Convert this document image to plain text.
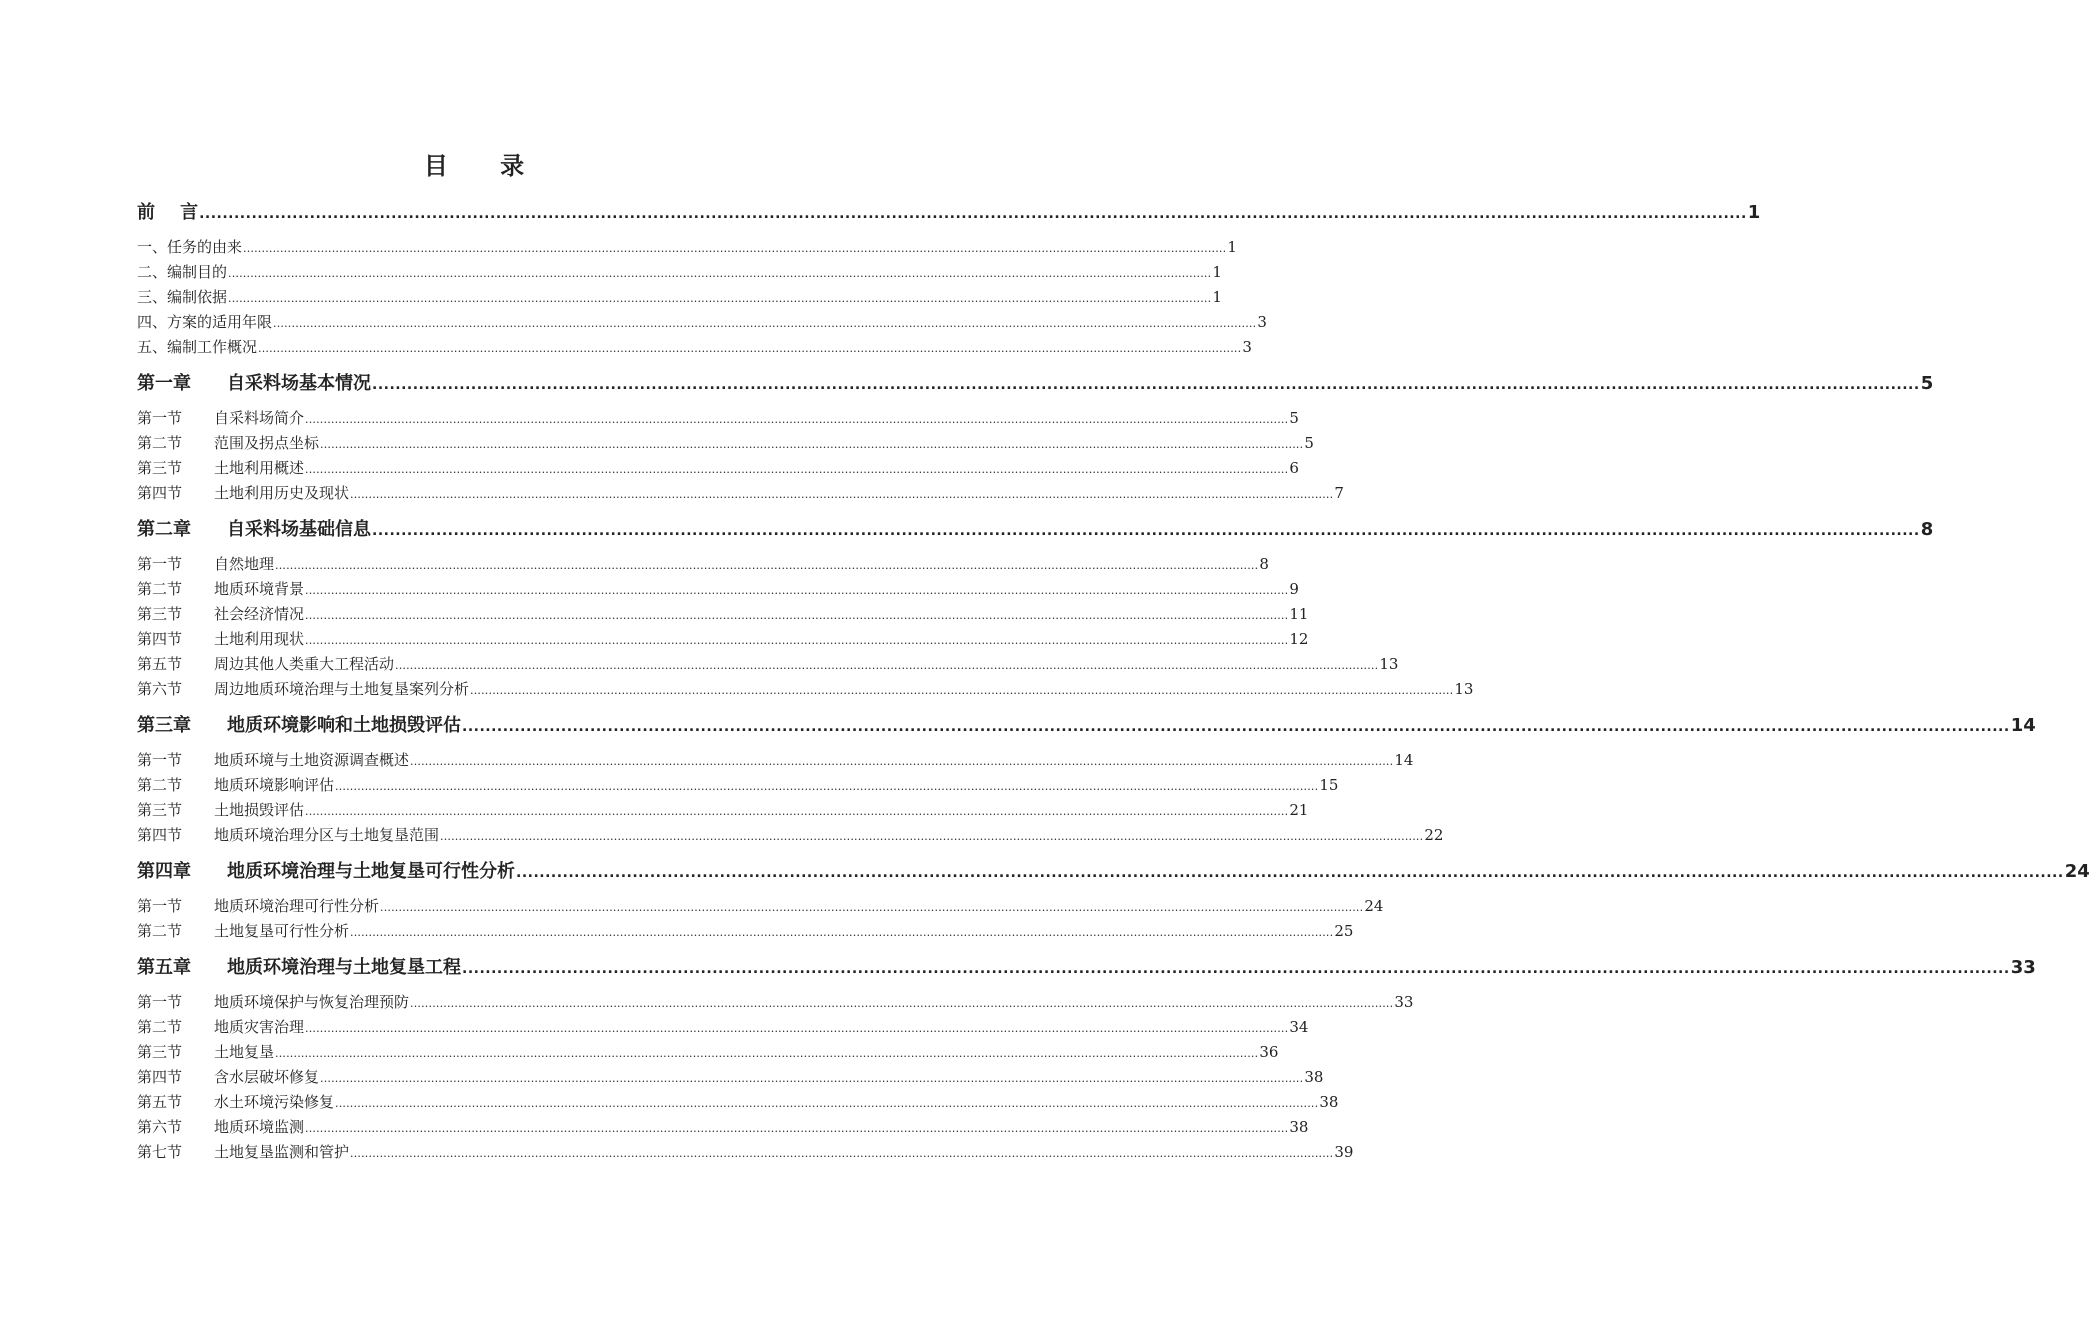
目 录
前    言 .......................................................................................................................................................................................................................................................................... 1
一、任务的由来 .......................................................................................................................................................................................................................................................................... 1
二、编制目的 .......................................................................................................................................................................................................................................................................... 1
三、编制依据 .......................................................................................................................................................................................................................................................................... 1
四、方案的适用年限 .......................................................................................................................................................................................................................................................................... 3
五、编制工作概况 .......................................................................................................................................................................................................................................................................... 3
第一章 自采料场基本情况 .......................................................................................................................................................................................................................................................................... 5
第一节 自采料场简介 .......................................................................................................................................................................................................................................................................... 5
第二节 范围及拐点坐标 .......................................................................................................................................................................................................................................................................... 5
第三节 土地利用概述 .......................................................................................................................................................................................................................................................................... 6
第四节 土地利用历史及现状 .......................................................................................................................................................................................................................................................................... 7
第二章 自采料场基础信息 .......................................................................................................................................................................................................................................................................... 8
第一节 自然地理 .......................................................................................................................................................................................................................................................................... 8
第二节 地质环境背景 .......................................................................................................................................................................................................................................................................... 9
第三节 社会经济情况 .......................................................................................................................................................................................................................................................................... 11
第四节 土地利用现状 .......................................................................................................................................................................................................................................................................... 12
第五节 周边其他人类重大工程活动 .......................................................................................................................................................................................................................................................................... 13
第六节 周边地质环境治理与土地复垦案列分析 .......................................................................................................................................................................................................................................................................... 13
第三章 地质环境影响和土地损毁评估 .......................................................................................................................................................................................................................................................................... 14
第一节 地质环境与土地资源调查概述 .......................................................................................................................................................................................................................................................................... 14
第二节 地质环境影响评估 .......................................................................................................................................................................................................................................................................... 15
第三节 土地损毁评估 .......................................................................................................................................................................................................................................................................... 21
第四节 地质环境治理分区与土地复垦范围 .......................................................................................................................................................................................................................................................................... 22
第四章 地质环境治理与土地复垦可行性分析 .......................................................................................................................................................................................................................................................................... 24
第一节 地质环境治理可行性分析 .......................................................................................................................................................................................................................................................................... 24
第二节 土地复垦可行性分析 .......................................................................................................................................................................................................................................................................... 25
第五章 地质环境治理与土地复垦工程 .......................................................................................................................................................................................................................................................................... 33
第一节 地质环境保护与恢复治理预防 .......................................................................................................................................................................................................................................................................... 33
第二节 地质灾害治理 .......................................................................................................................................................................................................................................................................... 34
第三节 土地复垦 .......................................................................................................................................................................................................................................................................... 36
第四节 含水层破坏修复 .......................................................................................................................................................................................................................................................................... 38
第五节 水土环境污染修复 .......................................................................................................................................................................................................................................................................... 38
第六节 地质环境监测 .......................................................................................................................................................................................................................................................................... 38
第七节 土地复垦监测和管护 .......................................................................................................................................................................................................................................................................... 39
